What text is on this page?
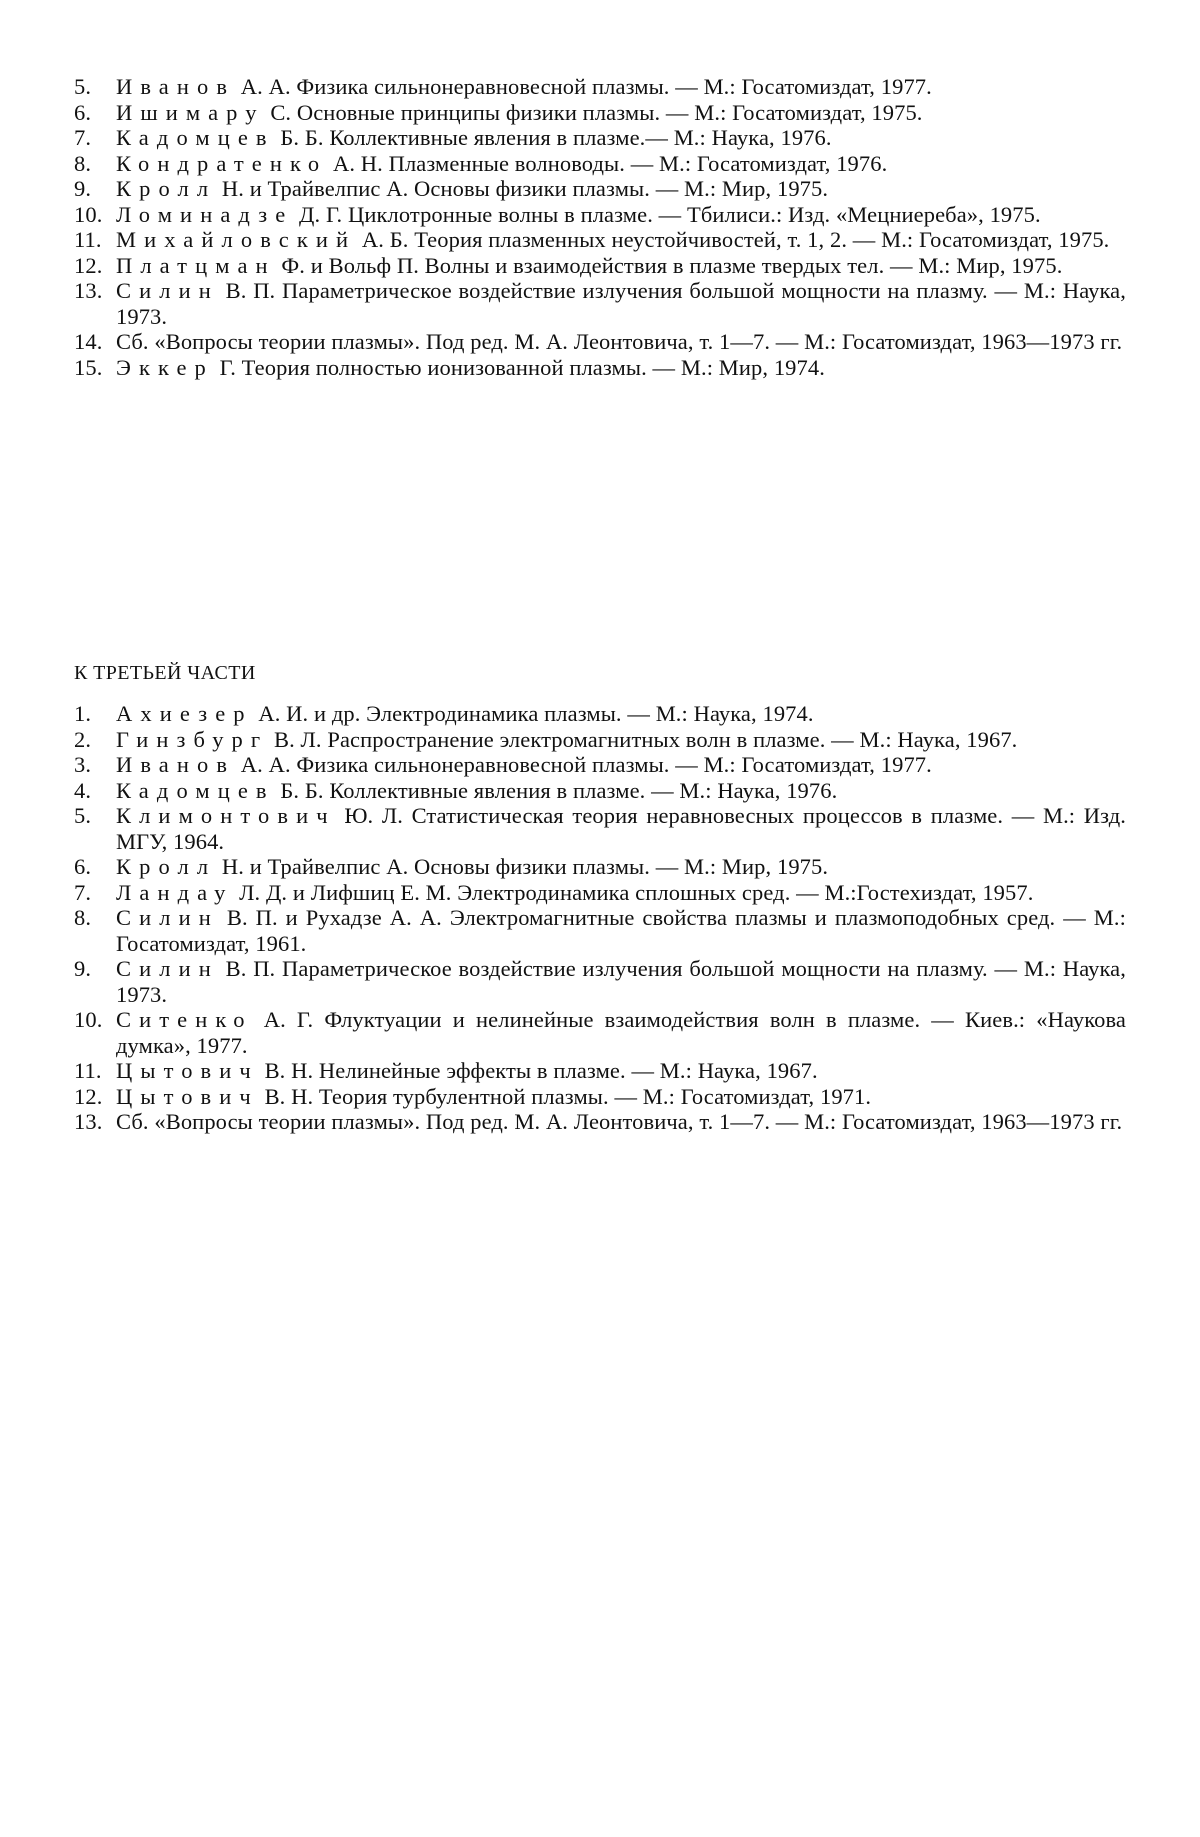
5.	Иванов А. А. Физика сильнонеравновесной плазмы. — М.: Госатомиздат, 1977.
6.	Ишимару С. Основные принципы физики плазмы. — М.: Госатомиздат, 1975.
7.	Кадомцев Б. Б. Коллективные явления в плазме.— М.: Наука, 1976.
8.	Кондратенко А. Н. Плазменные волноводы. — М.: Госатомиздат, 1976.
9.	Кролл Н. и Трайвелпис А. Основы физики плазмы. — М.: Мир, 1975.
10. Ломинадзе Д. Г. Циклотронные волны в плазме. — Тбилиси.: Изд. «Мецниереба», 1975.
11. Михайловский А. Б. Теория плазменных неустойчивостей, т. 1, 2. — М.: Госатомиздат, 1975.
12. Платцман Ф. и Вольф П. Волны и взаимодействия в плазме твердых тел. — М.: Мир, 1975.
13. Силин В. П. Параметрическое воздействие излучения большой мощности на плазму. — М.: Наука, 1973.
14. Сб. «Вопросы теории плазмы». Под ред. М. А. Леонтовича, т. 1—7. — М.: Госатомиздат, 1963—1973 гг.
15. Эккер Г. Теория полностью ионизованной плазмы. — М.: Мир, 1974.
К ТРЕТЬЕЙ ЧАСТИ
1.	Ахиезер А. И. и др. Электродинамика плазмы. — М.: Наука, 1974.
2.	Гинзбург В. Л. Распространение электромагнитных волн в плазме. — М.: Наука, 1967.
3.	Иванов А. А. Физика сильнонеравновесной плазмы. — М.: Госатомиздат, 1977.
4.	Кадомцев Б. Б. Коллективные явления в плазме. — М.: Наука, 1976.
5.	Климонтович Ю. Л. Статистическая теория неравновесных процессов в плазме. — М.: Изд. МГУ, 1964.
6.	Кролл Н. и Трайвелпис А. Основы физики плазмы. — М.: Мир, 1975.
7.	Ландау Л. Д. и Лифшиц Е. М. Электродинамика сплошных сред. — М.:Гостехиздат, 1957.
8.	Силин В. П. и Рухадзе А. А. Электромагнитные свойства плазмы и плазмоподобных сред. — М.: Госатомиздат, 1961.
9.	Силин В. П. Параметрическое воздействие излучения большой мощности на плазму. — М.: Наука, 1973.
10. Ситенко А. Г. Флуктуации и нелинейные взаимодействия волн в плазме. — Киев.: «Наукова думка», 1977.
11. Цытович В. Н. Нелинейные эффекты в плазме. — М.: Наука, 1967.
12. Цытович В. Н. Теория турбулентной плазмы. — М.: Госатомиздат, 1971.
13. Сб. «Вопросы теории плазмы». Под ред. М. А. Леонтовича, т. 1—7. — М.: Госатомиздат, 1963—1973 гг.
